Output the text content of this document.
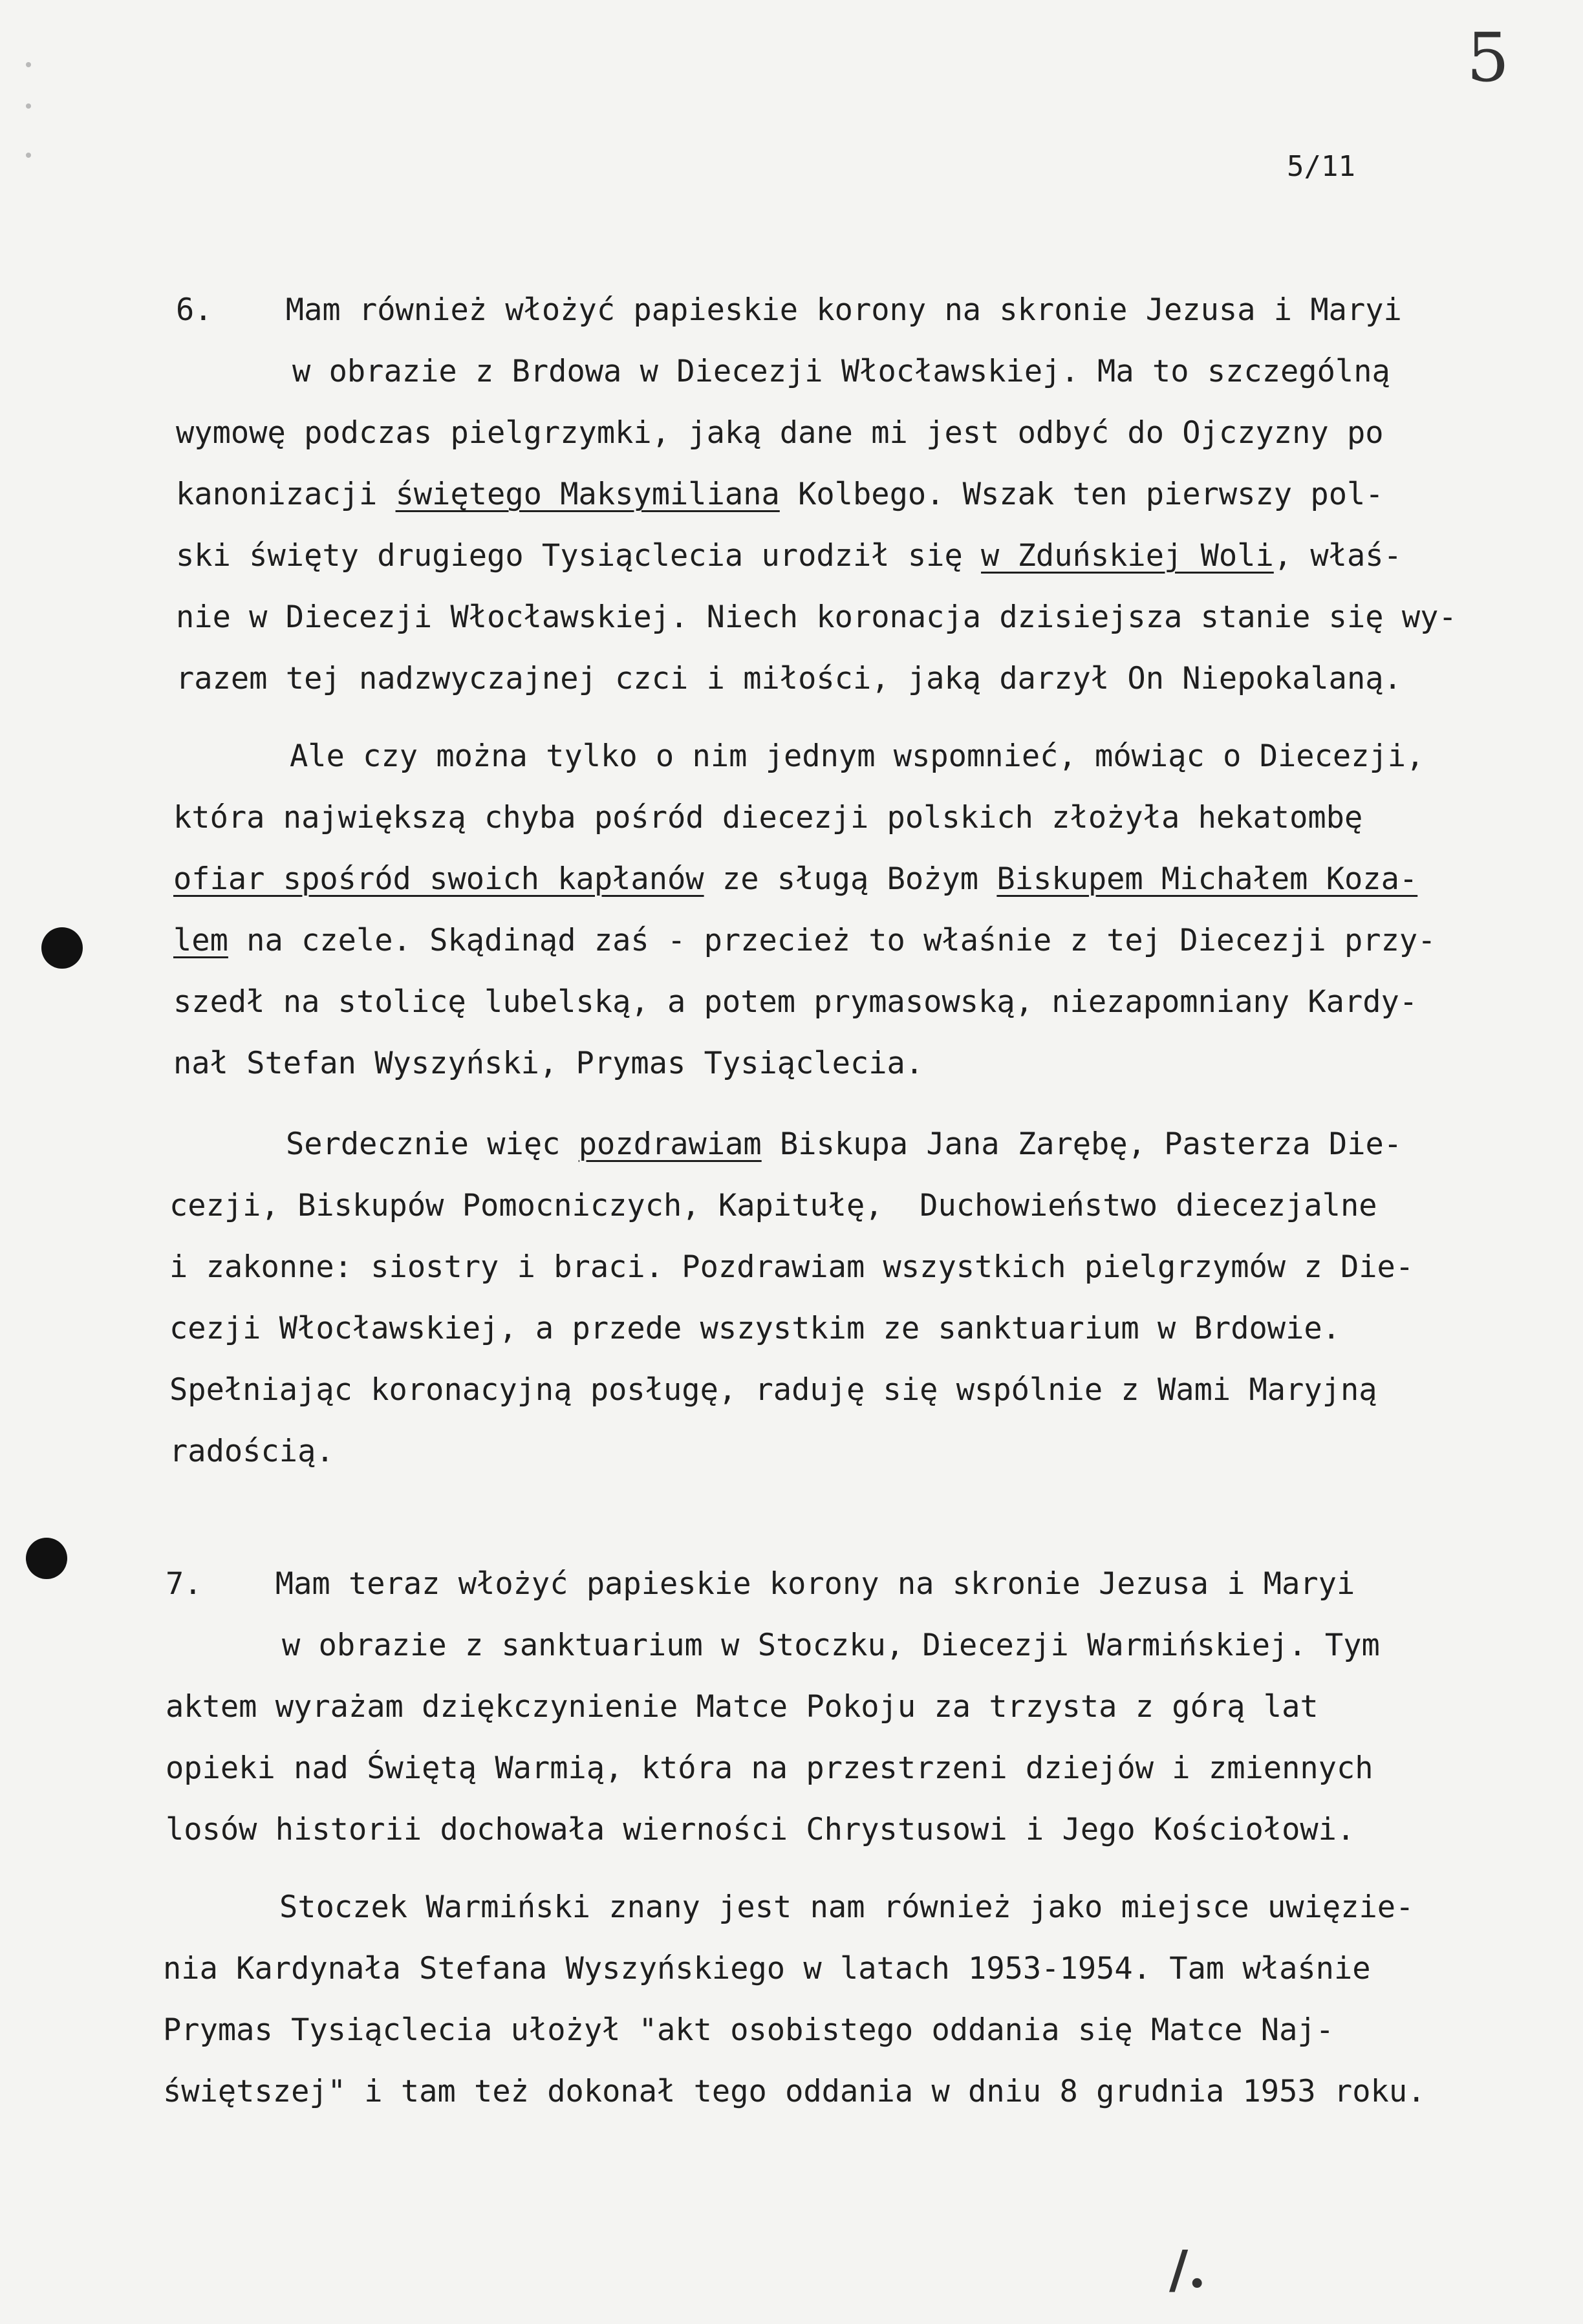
5
5/11
6.    Mam również włożyć papieskie korony na skronie Jezusa i Maryi
w obrazie z Brdowa w Diecezji Włocławskiej. Ma to szczególną
wymowę podczas pielgrzymki, jaką dane mi jest odbyć do Ojczyzny po
kanonizacji świętego Maksymiliana Kolbego. Wszak ten pierwszy pol-
ski święty drugiego Tysiąclecia urodził się w Zduńskiej Woli, właś-
nie w Diecezji Włocławskiej. Niech koronacja dzisiejsza stanie się wy-
razem tej nadzwyczajnej czci i miłości, jaką darzył On Niepokalaną.
Ale czy można tylko o nim jednym wspomnieć, mówiąc o Diecezji,
która największą chyba pośród diecezji polskich złożyła hekatombę
ofiar spośród swoich kapłanów ze sługą Bożym Biskupem Michałem Koza-
lem na czele. Skądinąd zaś - przecież to właśnie z tej Diecezji przy-
szedł na stolicę lubelską, a potem prymasowską, niezapomniany Kardy-
nał Stefan Wyszyński, Prymas Tysiąclecia.
Serdecznie więc pozdrawiam Biskupa Jana Zarębę, Pasterza Die-
cezji, Biskupów Pomocniczych, Kapitułę,  Duchowieństwo diecezjalne
i zakonne: siostry i braci. Pozdrawiam wszystkich pielgrzymów z Die-
cezji Włocławskiej, a przede wszystkim ze sanktuarium w Brdowie.
Spełniając koronacyjną posługę, raduję się wspólnie z Wami Maryjną
radością.
7.    Mam teraz włożyć papieskie korony na skronie Jezusa i Maryi
w obrazie z sanktuarium w Stoczku, Diecezji Warmińskiej. Tym
aktem wyrażam dziękczynienie Matce Pokoju za trzysta z górą lat
opieki nad Świętą Warmią, która na przestrzeni dziejów i zmiennych
losów historii dochowała wierności Chrystusowi i Jego Kościołowi.
Stoczek Warmiński znany jest nam również jako miejsce uwięzie-
nia Kardynała Stefana Wyszyńskiego w latach 1953-1954. Tam właśnie
Prymas Tysiąclecia ułożył "akt osobistego oddania się Matce Naj-
świętszej" i tam też dokonał tego oddania w dniu 8 grudnia 1953 roku.
/.
